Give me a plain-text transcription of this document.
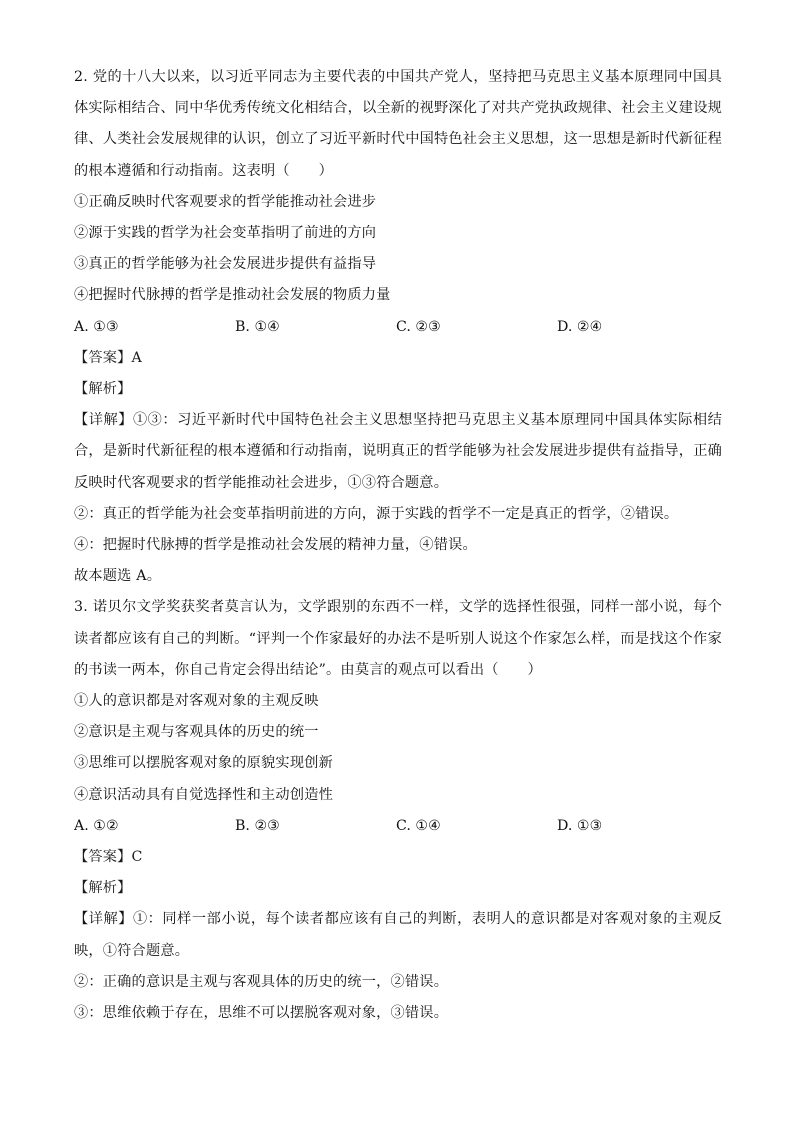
2. 党的十八大以来，以习近平同志为主要代表的中国共产党人，坚持把马克思主义基本原理同中国具体实际相结合、同中华优秀传统文化相结合，以全新的视野深化了对共产党执政规律、社会主义建设规律、人类社会发展规律的认识，创立了习近平新时代中国特色社会主义思想，这一思想是新时代新征程的根本遵循和行动指南。这表明（　　）
①正确反映时代客观要求的哲学能推动社会进步
②源于实践的哲学为社会变革指明了前进的方向
③真正的哲学能够为社会发展进步提供有益指导
④把握时代脉搏的哲学是推动社会发展的物质力量
A. ①③	B. ①④	C. ②③	D. ②④
【答案】A
【解析】
【详解】①③：习近平新时代中国特色社会主义思想坚持把马克思主义基本原理同中国具体实际相结合，是新时代新征程的根本遵循和行动指南，说明真正的哲学能够为社会发展进步提供有益指导，正确反映时代客观要求的哲学能推动社会进步，①③符合题意。
②：真正的哲学能为社会变革指明前进的方向，源于实践的哲学不一定是真正的哲学，②错误。
④：把握时代脉搏的哲学是推动社会发展的精神力量，④错误。
故本题选 A。
3. 诺贝尔文学奖获奖者莫言认为，文学跟别的东西不一样，文学的选择性很强，同样一部小说，每个读者都应该有自己的判断。“评判一个作家最好的办法不是听别人说这个作家怎么样，而是找这个作家的书读一两本，你自己肯定会得出结论”。由莫言的观点可以看出（　　）
①人的意识都是对客观对象的主观反映
②意识是主观与客观具体的历史的统一
③思维可以摆脱客观对象的原貌实现创新
④意识活动具有自觉选择性和主动创造性
A. ①②	B. ②③	C. ①④	D. ①③
【答案】C
【解析】
【详解】①：同样一部小说，每个读者都应该有自己的判断，表明人的意识都是对客观对象的主观反映，①符合题意。
②：正确的意识是主观与客观具体的历史的统一，②错误。
③：思维依赖于存在，思维不可以摆脱客观对象，③错误。
